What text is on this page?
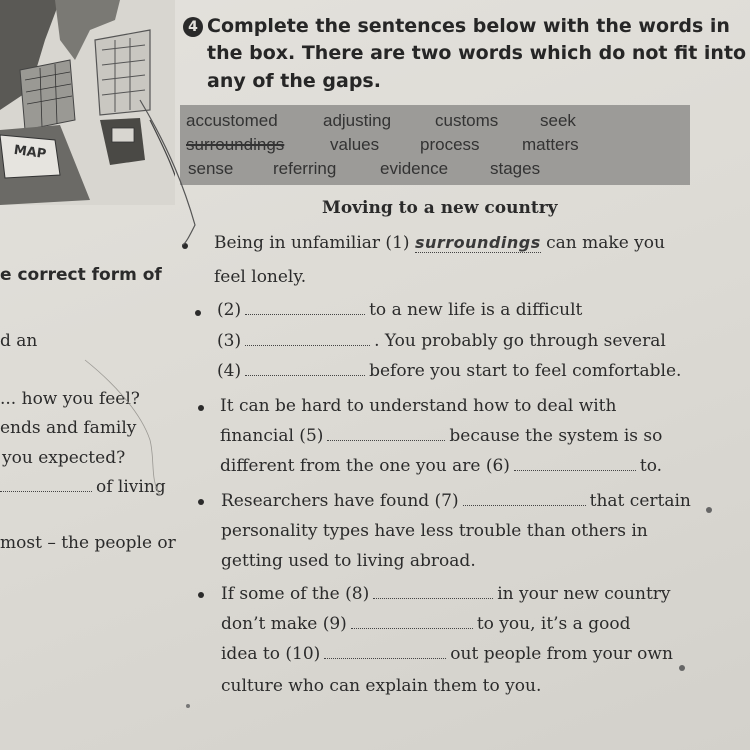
MAP
4 Complete the sentences below with the words in
the box. There are two words which do not fit into
any of the gaps.
accustomed	adjusting	customs seek
surroundings	values process matters
sense referring	evidence stages
Moving to a new country
e correct form of
d an
... how you feel?
ends and family
you expected?
of living
most – the people or
Being in unfamiliar (1) surroundings can make you
feel lonely.
(2)	to a new life is a difficult
(3)	. You probably go through several
(4)	before you start to feel comfortable.
It can be hard to understand how to deal with
financial (5)	because the system is so
different from the one you are (6)	to.
Researchers have found (7)	that certain
personality types have less trouble than others in
getting used to living abroad.
If some of the (8)	in your new country
don’t make (9)	to you, it’s a good
idea to (10)	out people from your own
culture who can explain them to you.
